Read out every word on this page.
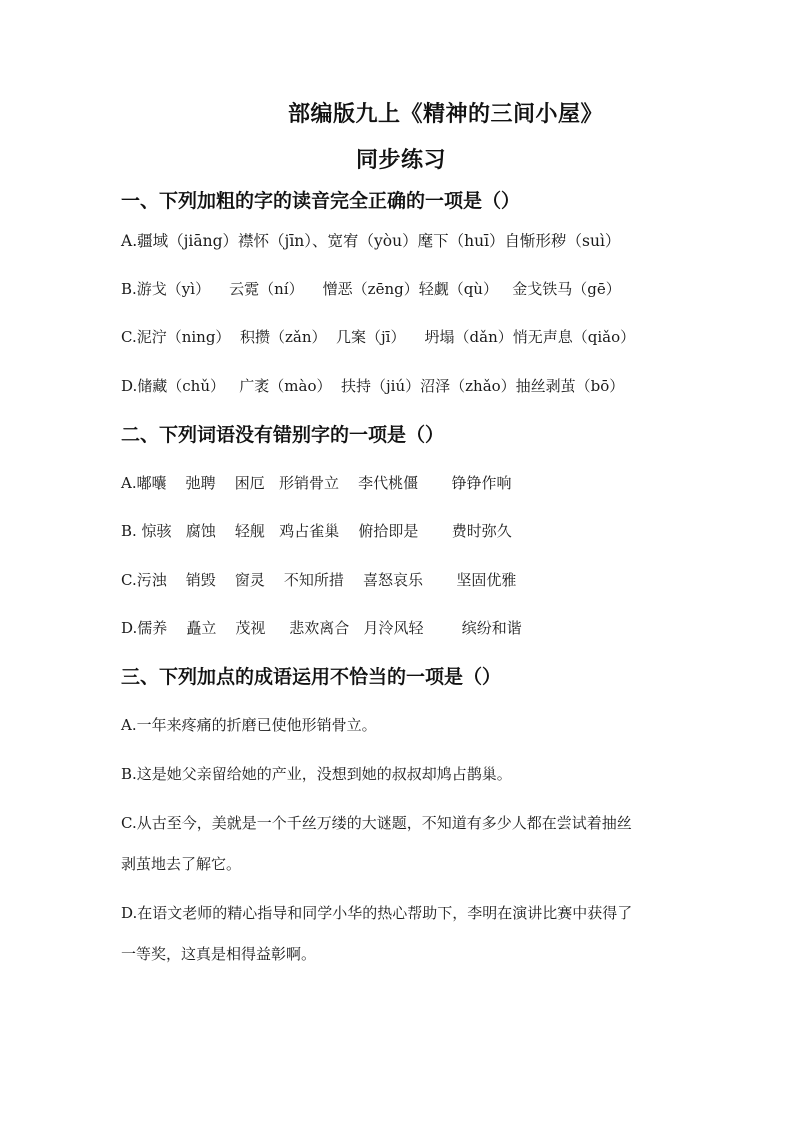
部编版九上《精神的三间小屋》
同步练习
一、下列加粗的字的读音完全正确的一项是（）
A.疆域（jiāng）襟怀（jīn）、宽宥（yòu）麾下（huī）自惭形秽（suì）
B.游戈（yì）    云霓（ní）    憎恶（zēng）轻觑（qù）   金戈铁马（gē）
C.泥泞（ning）  积攒（zǎn）  几案（jī）    坍塌（dǎn）悄无声息（qiǎo）
D.储藏（chǔ）   广袤（mào）  扶持（jiú）沼泽（zhǎo）抽丝剥茧（bō）
二、下列词语没有错别字的一项是（）
A.嘟囔    弛聘    困厄   形销骨立    李代桃僵       铮铮作响
B. 惊骇   腐蚀    轻舰   鸡占雀巢    俯拾即是       费时弥久
C.污浊    销毁    窗灵    不知所措    喜怒哀乐       坚固优雅
D.儒养    矗立    茂视     悲欢离合   月泠风轻        缤纷和谐
三、下列加点的成语运用不恰当的一项是（）
A.一年来疼痛的折磨已使他形销骨立。
B.这是她父亲留给她的产业，没想到她的叔叔却鸠占鹊巢。
C.从古至今，美就是一个千丝万缕的大谜题，不知道有多少人都在尝试着抽丝
剥茧地去了解它。
D.在语文老师的精心指导和同学小华的热心帮助下，李明在演讲比赛中获得了
一等奖，这真是相得益彰啊。
